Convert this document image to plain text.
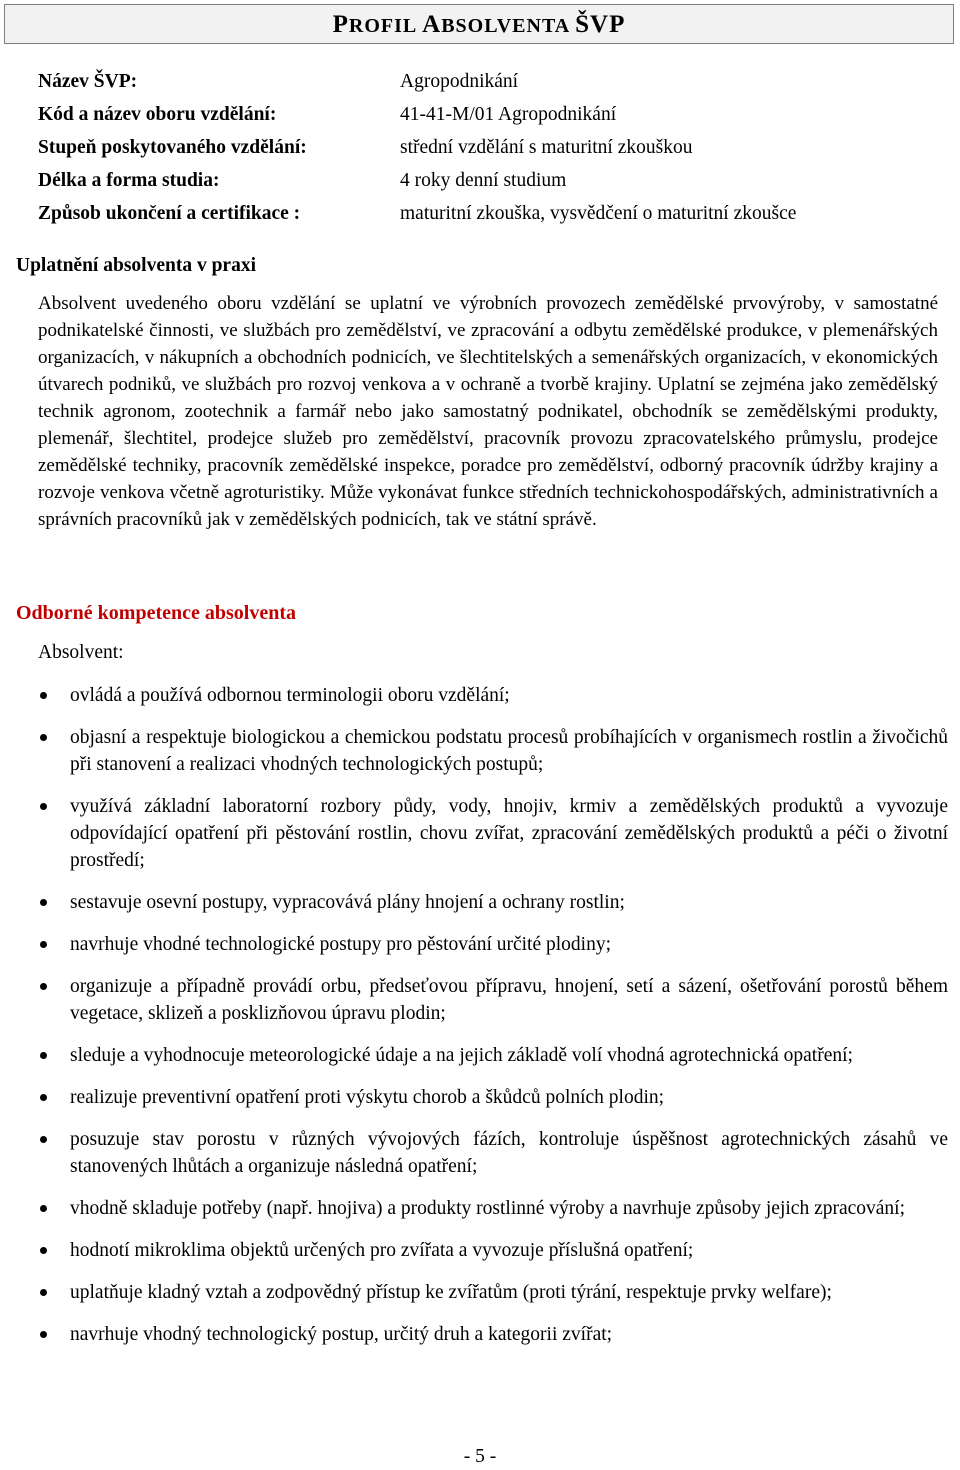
PROFIL ABSOLVENTA ŠVP
Název ŠVP:	Agropodnikání
Kód a název oboru vzdělání:	41-41-M/01 Agropodnikání
Stupeň poskytovaného vzdělání:	střední vzdělání s maturitní zkouškou
Délka a forma studia:	4 roky denní studium
Způsob ukončení a certifikace :	maturitní zkouška, vysvědčení o maturitní zkoušce
Uplatnění absolventa v praxi
Absolvent uvedeného oboru vzdělání se uplatní ve výrobních provozech zemědělské prvovýroby, v samostatné podnikatelské činnosti, ve službách pro zemědělství, ve zpracování a odbytu zemědělské produkce, v plemenářských organizacích, v nákupních a obchodních podnicích, ve šlechtitelských a semenářských organizacích, v ekonomických útvarech podniků, ve službách pro rozvoj venkova a v ochraně a tvorbě krajiny. Uplatní se zejména jako zemědělský technik agronom, zootechnik a farmář nebo jako samostatný podnikatel, obchodník se zemědělskými produkty, plemenář, šlechtitel, prodejce služeb pro zemědělství, pracovník provozu zpracovatelského průmyslu, prodejce zemědělské techniky, pracovník zemědělské inspekce, poradce pro zemědělství, odborný pracovník údržby krajiny a rozvoje venkova včetně agroturistiky. Může vykonávat funkce středních technickohospodářských, administrativních a správních pracovníků jak v zemědělských podnicích, tak ve státní správě.
Odborné kompetence absolventa
Absolvent:
ovládá a používá odbornou terminologii oboru vzdělání;
objasní a respektuje biologickou a chemickou podstatu procesů probíhajících v organismech rostlin a živočichů při stanovení a realizaci vhodných technologických postupů;
využívá základní laboratorní rozbory půdy, vody, hnojiv, krmiv a zemědělských produktů a vyvozuje odpovídající opatření při pěstování rostlin, chovu zvířat, zpracování zemědělských produktů a péči o životní prostředí;
sestavuje osevní postupy, vypracovává plány hnojení a ochrany rostlin;
navrhuje vhodné technologické postupy pro pěstování určité plodiny;
organizuje a případně provádí orbu, předseťovou přípravu, hnojení, setí a sázení, ošetřování porostů během vegetace, sklizeň a posklizňovou úpravu plodin;
sleduje a vyhodnocuje meteorologické údaje a na jejich základě volí vhodná agrotechnická opatření;
realizuje preventivní opatření proti výskytu chorob a škůdců polních plodin;
posuzuje stav porostu v různých vývojových fázích, kontroluje úspěšnost agrotechnických zásahů ve stanovených lhůtách a organizuje následná opatření;
vhodně skladuje potřeby (např. hnojiva) a produkty rostlinné výroby a navrhuje způsoby jejich zpracování;
hodnotí mikroklima objektů určených pro zvířata a vyvozuje příslušná opatření;
uplatňuje kladný vztah a zodpovědný přístup ke zvířatům (proti týrání, respektuje prvky welfare);
navrhuje vhodný technologický postup, určitý druh a kategorii zvířat;
- 5 -
